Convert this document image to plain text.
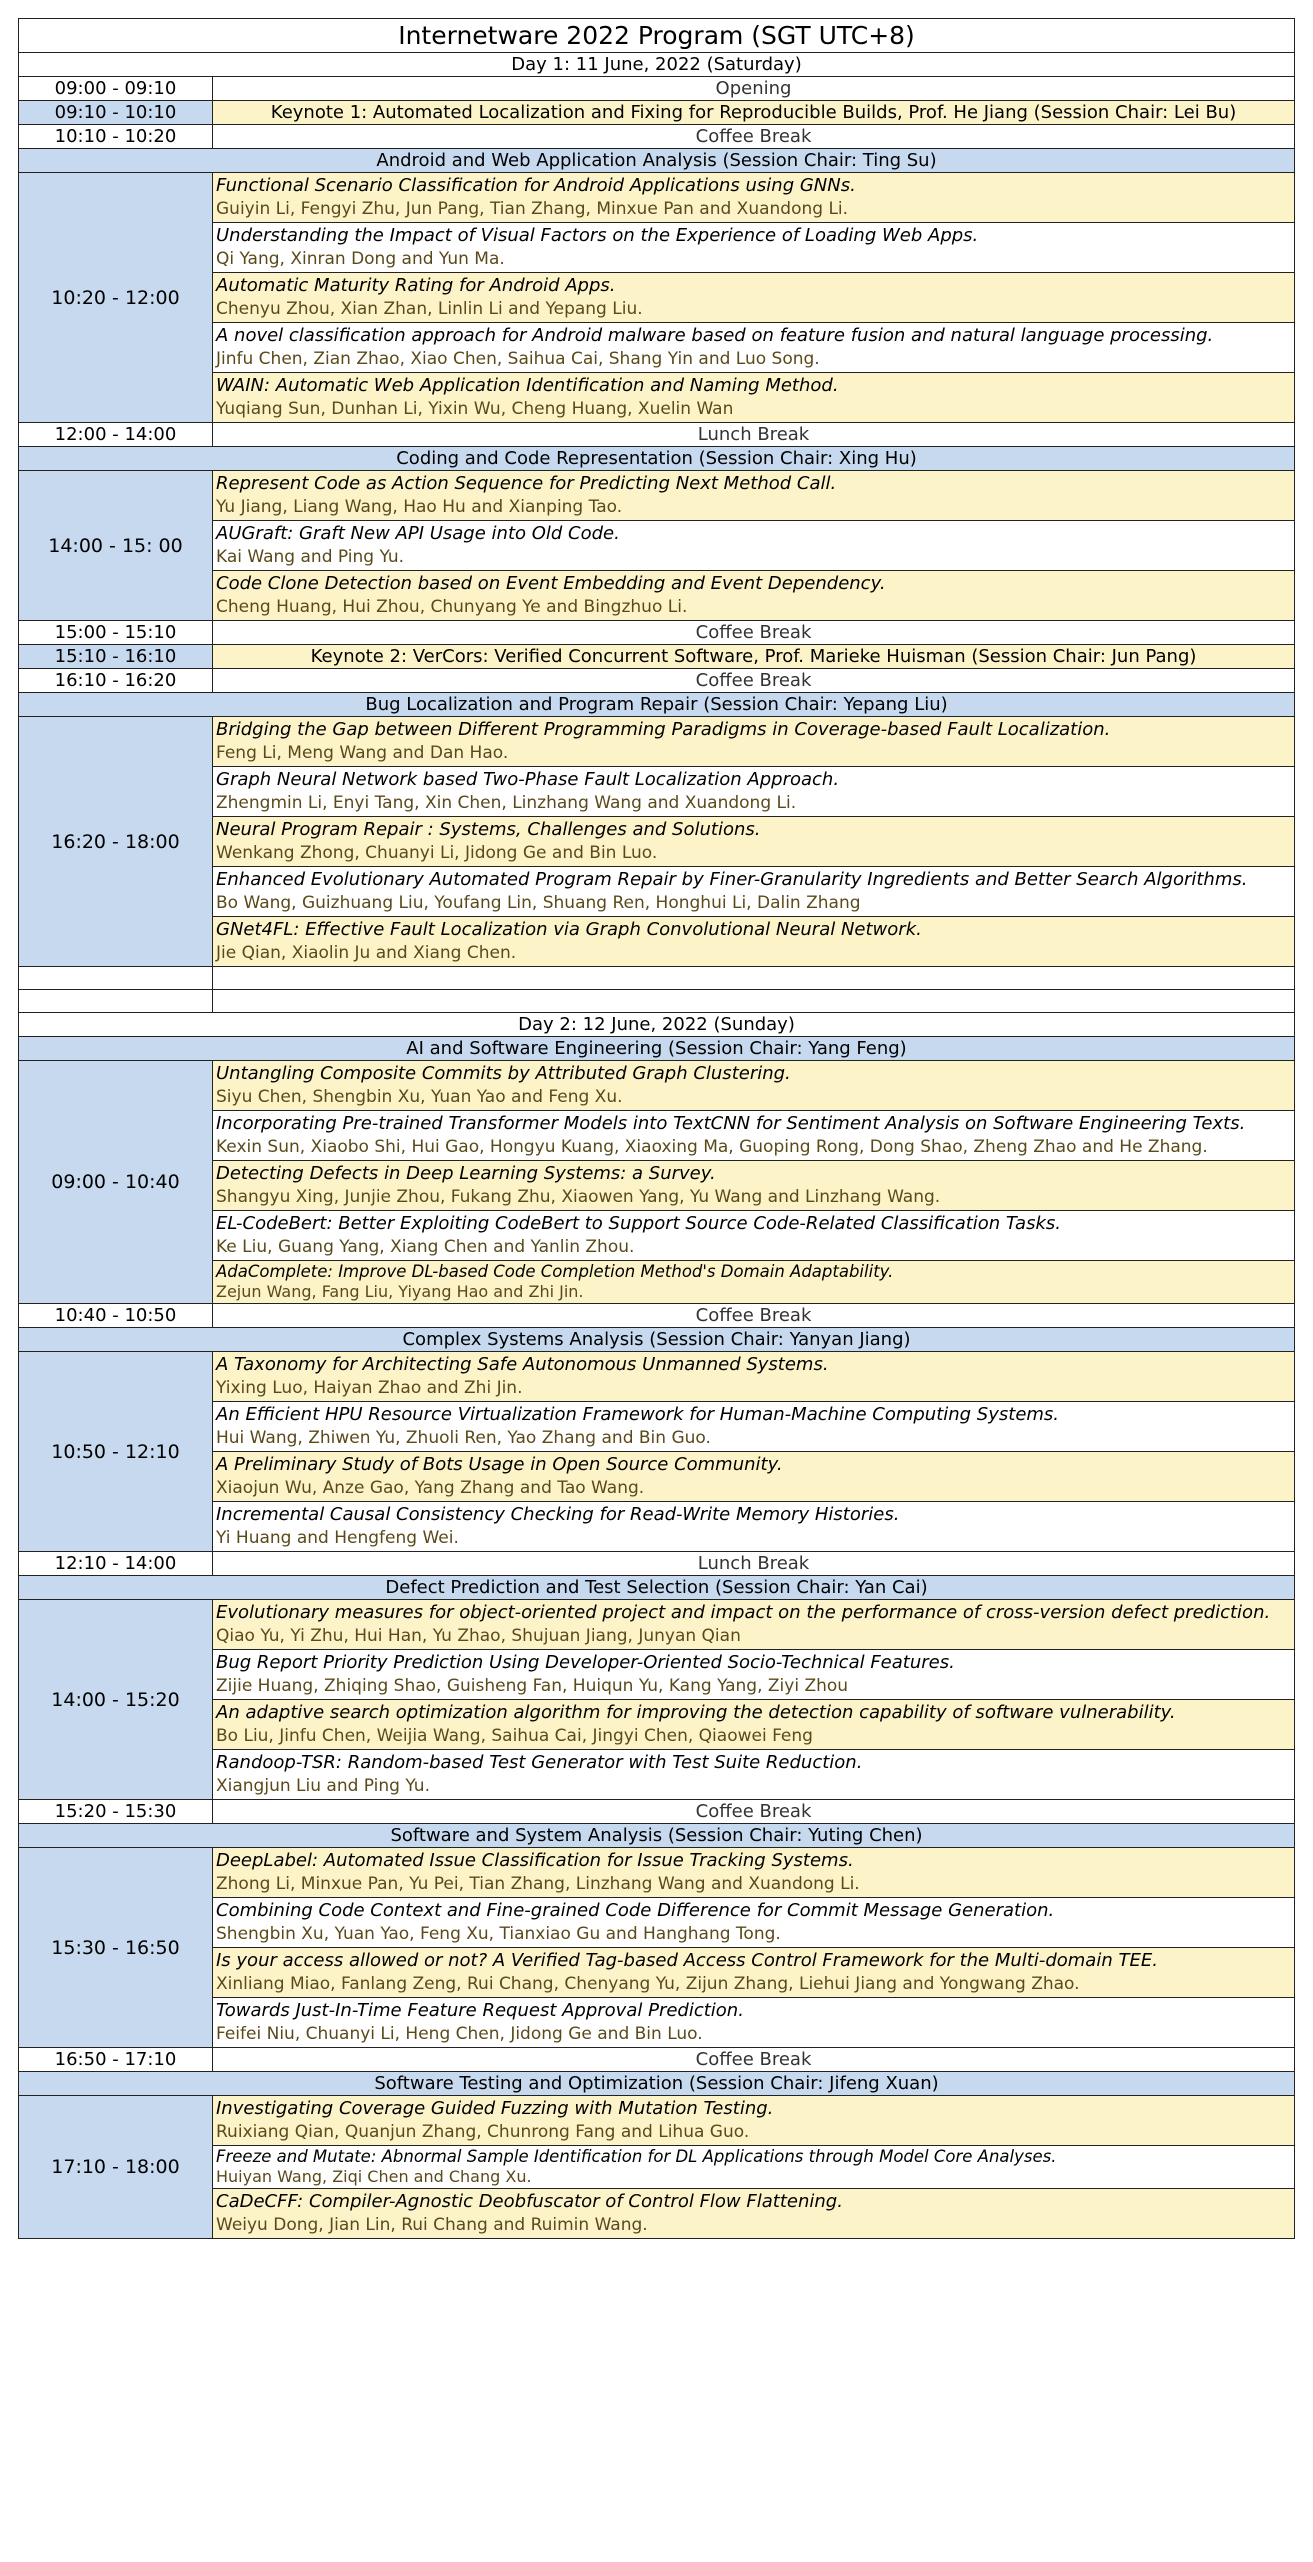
Internetware 2022 Program (SGT UTC+8)	
Day 1: 11 June, 2022 (Saturday)	
09:00 - 09:10	Opening
09:10 - 10:10	Keynote 1: Automated Localization and Fixing for Reproducible Builds, Prof. He Jiang (Session Chair: Lei Bu)
10:10 - 10:20	Coffee Break
Android and Web Application Analysis (Session Chair: Ting Su)	
10:20 - 12:00	Functional Scenario Classification for Android Applications using GNNs.
Guiyin Li, Fengyi Zhu, Jun Pang, Tian Zhang, Minxue Pan and Xuandong Li.

	Understanding the Impact of Visual Factors on the Experience of Loading Web Apps.
Qi Yang, Xinran Dong and Yun Ma.

	Automatic Maturity Rating for Android Apps.
Chenyu Zhou, Xian Zhan, Linlin Li and Yepang Liu.

	A novel classification approach for Android malware based on feature fusion and natural language processing.
Jinfu Chen, Zian Zhao, Xiao Chen, Saihua Cai, Shang Yin and Luo Song.

	WAIN: Automatic Web Application Identification and Naming Method.
Yuqiang Sun, Dunhan Li, Yixin Wu, Cheng Huang, Xuelin Wan

12:00 - 14:00	Lunch Break
Coding and Code Representation (Session Chair: Xing Hu)	
14:00 - 15: 00	Represent Code as Action Sequence for Predicting Next Method Call.
Yu Jiang, Liang Wang, Hao Hu and Xianping Tao.

	AUGraft: Graft New API Usage into Old Code.
Kai Wang and Ping Yu.

	Code Clone Detection based on Event Embedding and Event Dependency.
Cheng Huang, Hui Zhou, Chunyang Ye and Bingzhuo Li.

15:00 - 15:10	Coffee Break
15:10 - 16:10	Keynote 2: VerCors: Verified Concurrent Software, Prof. Marieke Huisman (Session Chair: Jun Pang)
16:10 - 16:20	Coffee Break
Bug Localization and Program Repair (Session Chair: Yepang Liu)	
16:20 - 18:00	Bridging the Gap between Different Programming Paradigms in Coverage-based Fault Localization.
Feng Li, Meng Wang and Dan Hao.

	Graph Neural Network based Two-Phase Fault Localization Approach.
Zhengmin Li, Enyi Tang, Xin Chen, Linzhang Wang and Xuandong Li.

	Neural Program Repair : Systems, Challenges and Solutions.
Wenkang Zhong, Chuanyi Li, Jidong Ge and Bin Luo.

	Enhanced Evolutionary Automated Program Repair by Finer-Granularity Ingredients and Better Search Algorithms.
Bo Wang, Guizhuang Liu, Youfang Lin, Shuang Ren, Honghui Li, Dalin Zhang

	GNet4FL: Effective Fault Localization via Graph Convolutional Neural Network.
Jie Qian, Xiaolin Ju and Xiang Chen.

Day 2: 12 June, 2022 (Sunday)	
AI and Software Engineering (Session Chair: Yang Feng)	
09:00 - 10:40	Untangling Composite Commits by Attributed Graph Clustering.
Siyu Chen, Shengbin Xu, Yuan Yao and Feng Xu.

	Incorporating Pre-trained Transformer Models into TextCNN for Sentiment Analysis on Software Engineering Texts.
Kexin Sun, Xiaobo Shi, Hui Gao, Hongyu Kuang, Xiaoxing Ma, Guoping Rong, Dong Shao, Zheng Zhao and He Zhang.

	Detecting Defects in Deep Learning Systems: a Survey.
Shangyu Xing, Junjie Zhou, Fukang Zhu, Xiaowen Yang, Yu Wang and Linzhang Wang.

	EL-CodeBert: Better Exploiting CodeBert to Support Source Code-Related Classification Tasks.
Ke Liu, Guang Yang, Xiang Chen and Yanlin Zhou.

	AdaComplete: Improve DL-based Code Completion Method's Domain Adaptability.
Zejun Wang, Fang Liu, Yiyang Hao and Zhi Jin.

10:40 - 10:50	Coffee Break
Complex Systems Analysis (Session Chair: Yanyan Jiang)	
10:50 - 12:10	A Taxonomy for Architecting Safe Autonomous Unmanned Systems.
Yixing Luo, Haiyan Zhao and Zhi Jin.

	An Efficient HPU Resource Virtualization Framework for Human-Machine Computing Systems.
Hui Wang, Zhiwen Yu, Zhuoli Ren, Yao Zhang and Bin Guo.

	A Preliminary Study of Bots Usage in Open Source Community.
Xiaojun Wu, Anze Gao, Yang Zhang and Tao Wang.

	Incremental Causal Consistency Checking for Read-Write Memory Histories.
Yi Huang and Hengfeng Wei.

12:10 - 14:00	Lunch Break
Defect Prediction and Test Selection (Session Chair: Yan Cai)	
14:00 - 15:20	Evolutionary measures for object-oriented project and impact on the performance of cross-version defect prediction.
Qiao Yu, Yi Zhu, Hui Han, Yu Zhao, Shujuan Jiang, Junyan Qian

	Bug Report Priority Prediction Using Developer-Oriented Socio-Technical Features.
Zijie Huang, Zhiqing Shao, Guisheng Fan, Huiqun Yu, Kang Yang, Ziyi Zhou

	An adaptive search optimization algorithm for improving the detection capability of software vulnerability.
Bo Liu, Jinfu Chen, Weijia Wang, Saihua Cai, Jingyi Chen, Qiaowei Feng

	Randoop-TSR: Random-based Test Generator with Test Suite Reduction.
Xiangjun Liu and Ping Yu.

15:20 - 15:30	Coffee Break
Software and System Analysis (Session Chair: Yuting Chen)	
15:30 - 16:50	DeepLabel: Automated Issue Classification for Issue Tracking Systems.
Zhong Li, Minxue Pan, Yu Pei, Tian Zhang, Linzhang Wang and Xuandong Li.

	Combining Code Context and Fine-grained Code Difference for Commit Message Generation.
Shengbin Xu, Yuan Yao, Feng Xu, Tianxiao Gu and Hanghang Tong.

	Is your access allowed or not? A Verified Tag-based Access Control Framework for the Multi-domain TEE.
Xinliang Miao, Fanlang Zeng, Rui Chang, Chenyang Yu, Zijun Zhang, Liehui Jiang and Yongwang Zhao.

	Towards Just-In-Time Feature Request Approval Prediction.
Feifei Niu, Chuanyi Li, Heng Chen, Jidong Ge and Bin Luo.

16:50 - 17:10	Coffee Break
Software Testing and Optimization (Session Chair: Jifeng Xuan)	
17:10 - 18:00	Investigating Coverage Guided Fuzzing with Mutation Testing.
Ruixiang Qian, Quanjun Zhang, Chunrong Fang and Lihua Guo.

	Freeze and Mutate: Abnormal Sample Identification for DL Applications through Model Core Analyses.
Huiyan Wang, Ziqi Chen and Chang Xu.

	CaDeCFF: Compiler-Agnostic Deobfuscator of Control Flow Flattening.
Weiyu Dong, Jian Lin, Rui Chang and Ruimin Wang.
